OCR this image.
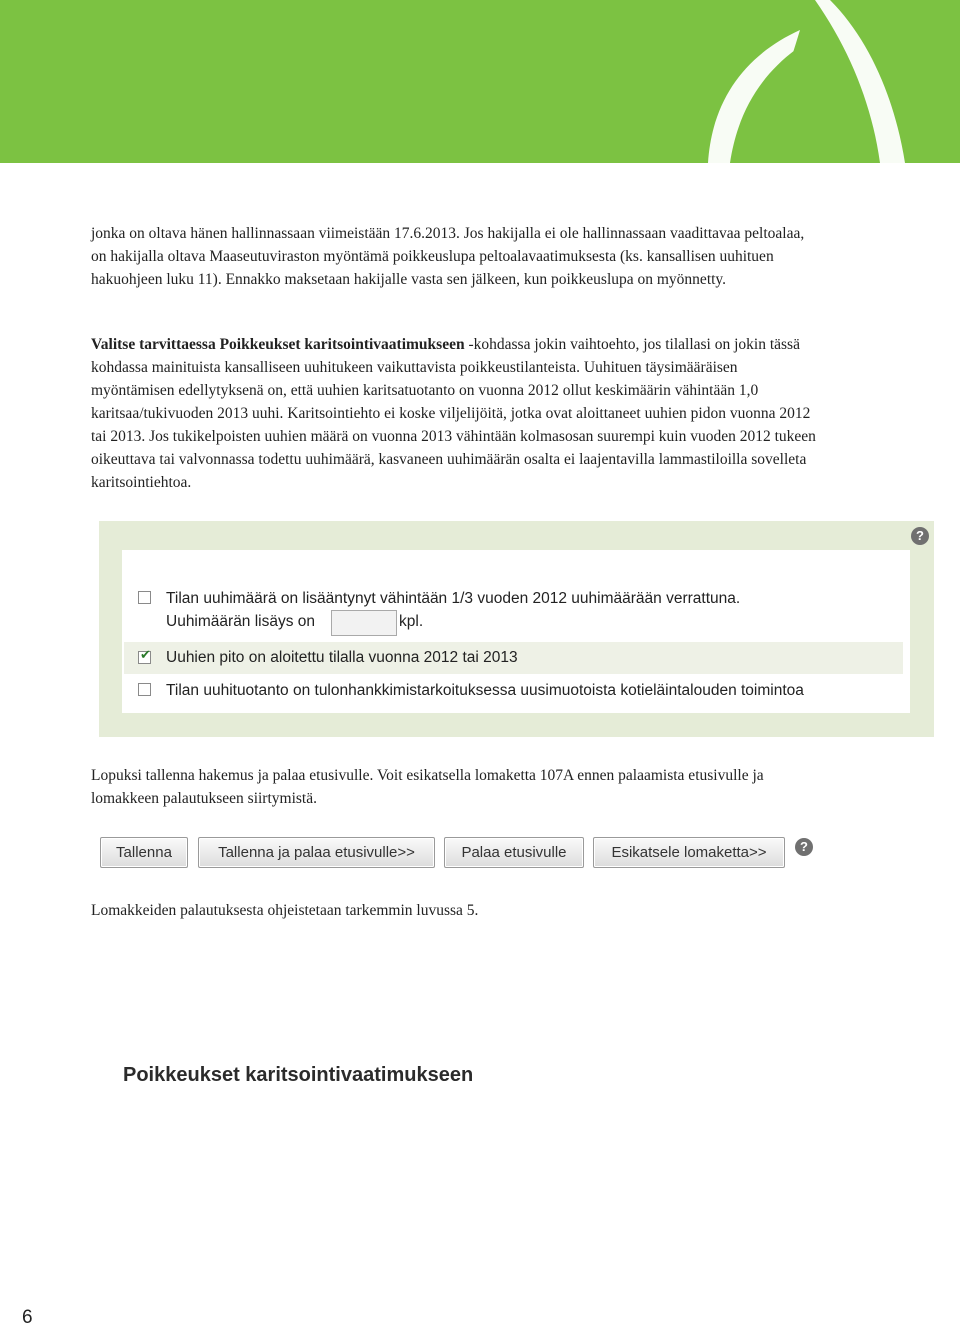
jonka on oltava hänen hallinnassaan viimeistään 17.6.2013. Jos hakijalla ei ole hallinnassaan vaadittavaa peltoalaa, on hakijalla oltava Maaseutuviraston myöntämä poikkeuslupa peltoalavaatimuksesta (ks. kansallisen uuhituen hakuohjeen luku 11). Ennakko maksetaan hakijalle vasta sen jälkeen, kun poikkeuslupa on myönnetty.

Valitse tarvittaessa Poikkeukset karitsointivaatimukseen -kohdassa jokin vaihtoehto, jos tilallasi on jokin tässä kohdassa mainituista kansalliseen uuhitukeen vaikuttavista poikkeustilanteista. Uuhituen täysimääräisen myöntämisen edellytyksenä on, että uuhien karitsatuotanto on vuonna 2012 ollut keskimäärin vähintään 1,0 karitsaa/tukivuoden 2013 uuhi. Karitsointiehto ei koske viljelijöitä, jotka ovat aloittaneet uuhien pidon vuonna 2012 tai 2013. Jos tukikelpoisten uuhien määrä on vuonna 2013 vähintään kolmasosan suurempi kuin vuoden 2012 tukeen oikeuttava tai valvonnassa todettu uuhimäärä, kasvaneen uuhimäärän osalta ei laajentavilla lammastiloilla sovelleta karitsointiehtoa.

Poikkeukset karitsointivaatimukseen
?
Tilan uuhimäärä on lisääntynyt vähintään 1/3 vuoden 2012 uuhimäärään verrattuna.
Uuhimäärän lisäys on	kpl.
✔ Uuhien pito on aloitettu tilalla vuonna 2012 tai 2013
Tilan uuhituotanto on tulonhankkimistarkoituksessa uusimuotoista kotieläintalouden toimintoa

Lopuksi tallenna hakemus ja palaa etusivulle. Voit esikatsella lomaketta 107A ennen palaamista etusivulle ja lomakkeen palautukseen siirtymistä.

Tallenna	Tallenna ja palaa etusivulle>>	Palaa etusivulle	Esikatsele lomaketta>>	?

Lomakkeiden palautuksesta ohjeistetaan tarkemmin luvussa 5.

6
